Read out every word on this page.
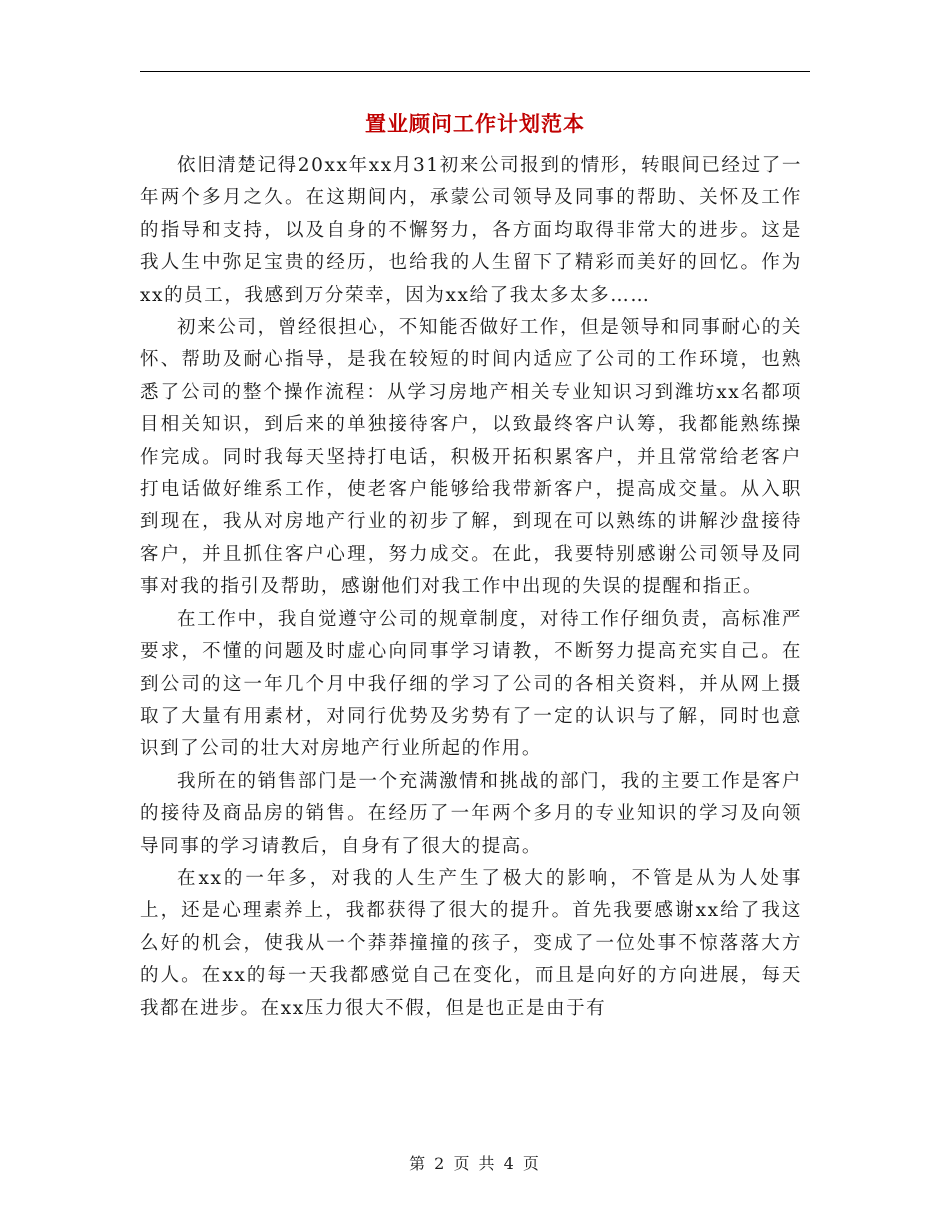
置业顾问工作计划范本

依旧清楚记得20xx年xx月31初来公司报到的情形，转眼间已经过了一年两个多月之久。在这期间内，承蒙公司领导及同事的帮助、关怀及工作的指导和支持，以及自身的不懈努力，各方面均取得非常大的进步。这是我人生中弥足宝贵的经历，也给我的人生留下了精彩而美好的回忆。作为xx的员工，我感到万分荣幸，因为xx给了我太多太多……

初来公司，曾经很担心，不知能否做好工作，但是领导和同事耐心的关怀、帮助及耐心指导，是我在较短的时间内适应了公司的工作环境，也熟悉了公司的整个操作流程：从学习房地产相关专业知识习到潍坊xx名都项目相关知识，到后来的单独接待客户，以致最终客户认筹，我都能熟练操作完成。同时我每天坚持打电话，积极开拓积累客户，并且常常给老客户打电话做好维系工作，使老客户能够给我带新客户，提高成交量。从入职到现在，我从对房地产行业的初步了解，到现在可以熟练的讲解沙盘接待客户，并且抓住客户心理，努力成交。在此，我要特别感谢公司领导及同事对我的指引及帮助，感谢他们对我工作中出现的失误的提醒和指正。

在工作中，我自觉遵守公司的规章制度，对待工作仔细负责，高标准严要求，不懂的问题及时虚心向同事学习请教，不断努力提高充实自己。在到公司的这一年几个月中我仔细的学习了公司的各相关资料，并从网上摄取了大量有用素材，对同行优势及劣势有了一定的认识与了解，同时也意识到了公司的壮大对房地产行业所起的作用。

我所在的销售部门是一个充满激情和挑战的部门，我的主要工作是客户的接待及商品房的销售。在经历了一年两个多月的专业知识的学习及向领导同事的学习请教后，自身有了很大的提高。

在xx的一年多，对我的人生产生了极大的影响，不管是从为人处事上，还是心理素养上，我都获得了很大的提升。首先我要感谢xx给了我这么好的机会，使我从一个莽莽撞撞的孩子，变成了一位处事不惊落落大方的人。在xx的每一天我都感觉自己在变化，而且是向好的方向进展，每天我都在进步。在xx压力很大不假，但是也正是由于有

第 2 页 共 4 页
